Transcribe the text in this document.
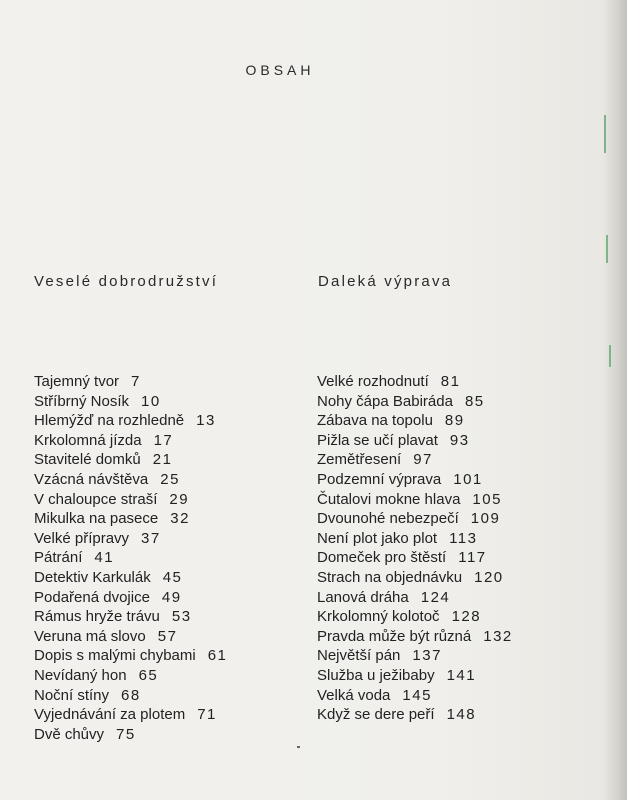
OBSAH
Veselé dobrodružství	Daleká výprava
Tajemný tvor 7
Stříbrný Nosík 10
Hlemýžď na rozhledně 13
Krkolomná jízda 17
Stavitelé domků 21
Vzácná návštěva 25
V chaloupce straší 29
Mikulka na pasece 32
Velké přípravy 37
Pátrání 41
Detektiv Karkulák 45
Podařená dvojice 49
Rámus hryže trávu 53
Veruna má slovo 57
Dopis s malými chybami 61
Nevídaný hon 65
Noční stíny 68
Vyjednávání za plotem 71
Dvě chůvy 75
Velké rozhodnutí 81
Nohy čápa Babiráda 85
Zábava na topolu 89
Pižla se učí plavat 93
Zemětřesení 97
Podzemní výprava 101
Čutalovi mokne hlava 105
Dvounohé nebezpečí 109
Není plot jako plot 113
Domeček pro štěstí 117
Strach na objednávku 120
Lanová dráha 124
Krkolomný kolotoč 128
Pravda může být různá 132
Největší pán 137
Služba u ježibaby 141
Velká voda 145
Když se dere peří 148
